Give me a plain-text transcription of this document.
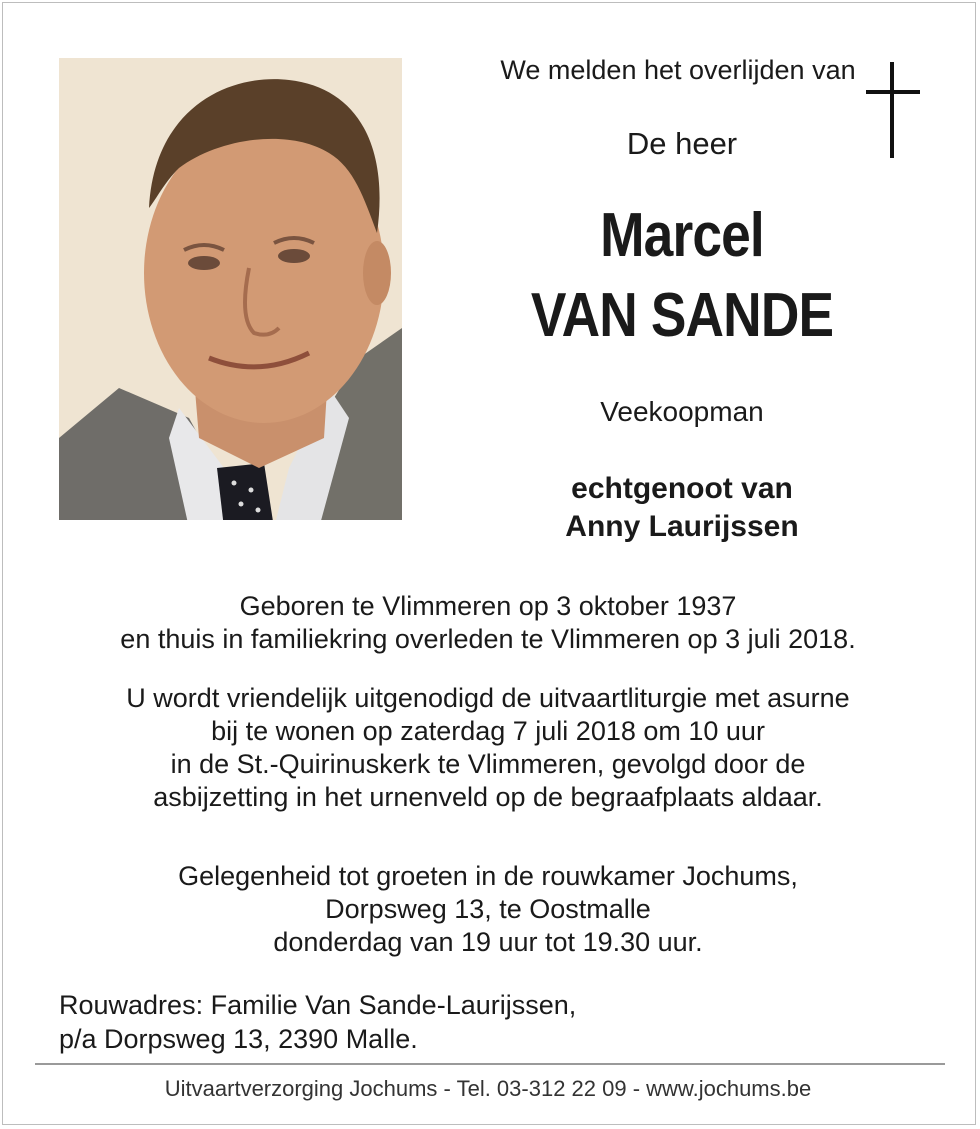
We melden het overlijden van
De heer
Marcel
VAN SANDE
Veekoopman
echtgenoot van
Anny Laurijssen
Geboren te Vlimmeren op 3 oktober 1937
en thuis in familiekring overleden te Vlimmeren op 3 juli 2018.
U wordt vriendelijk uitgenodigd de uitvaartliturgie met asurne
bij te wonen op zaterdag 7 juli 2018 om 10 uur
in de St.-Quirinuskerk te Vlimmeren, gevolgd door de
asbijzetting in het urnenveld op de begraafplaats aldaar.
Gelegenheid tot groeten in de rouwkamer Jochums,
Dorpsweg 13, te Oostmalle
donderdag van 19 uur tot 19.30 uur.
Rouwadres: Familie Van Sande-Laurijssen,
p/a Dorpsweg 13, 2390 Malle.
Uitvaartverzorging Jochums - Tel. 03-312 22 09 - www.jochums.be
